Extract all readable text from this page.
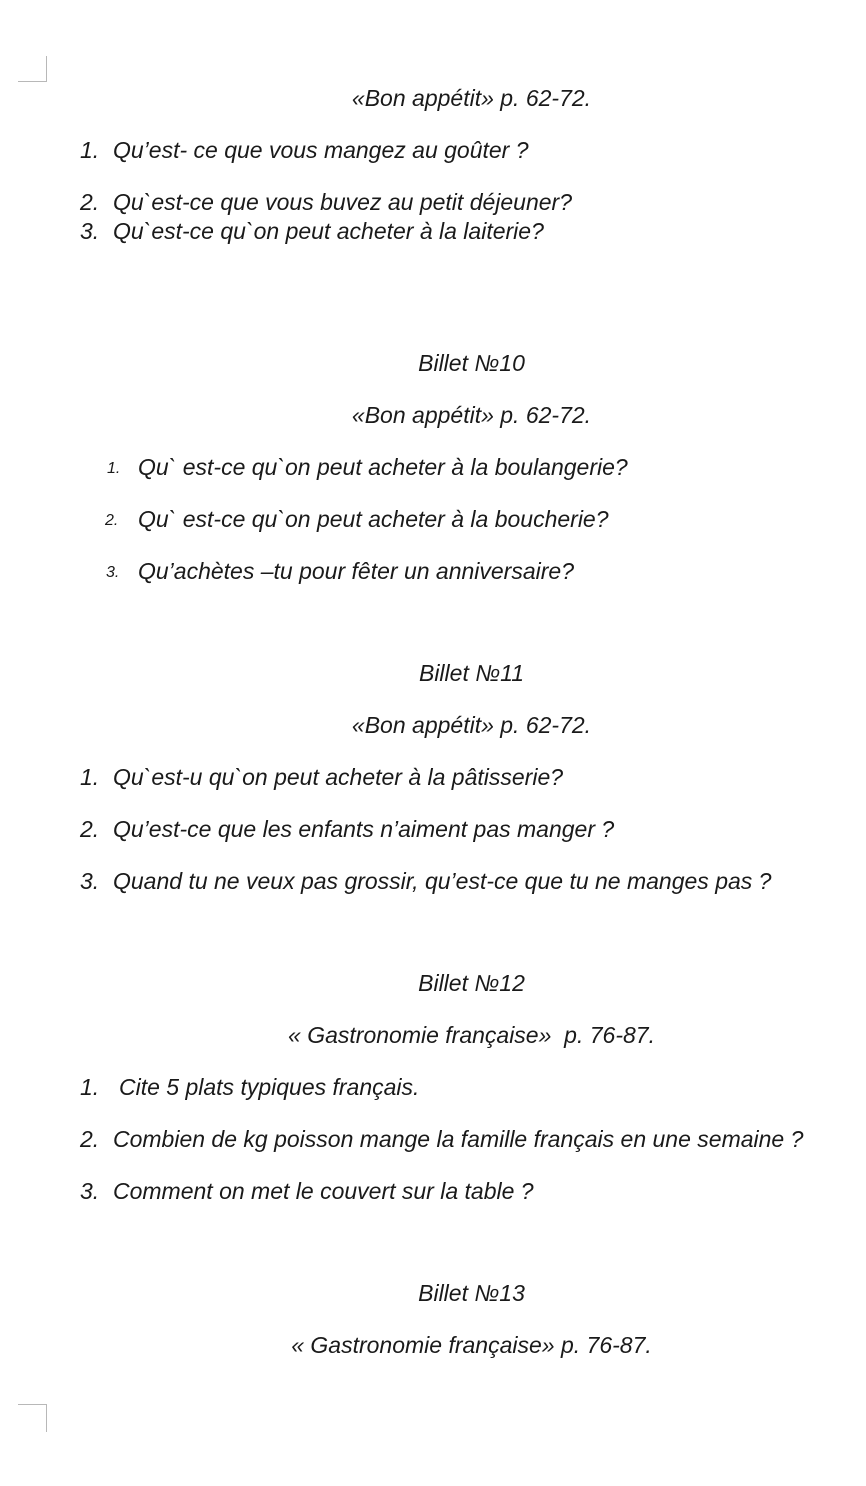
«Bon appétit» p. 62-72.
1. Qu’est- ce que vous mangez au goûter ?
2. Qu`est-ce que vous buvez au petit déjeuner?
3. Qu`est-ce qu`on peut acheter à la laiterie?
Billet №10
«Bon appétit» p. 62-72.
1. Qu` est-ce qu`on peut acheter à la boulangerie?
2. Qu` est-ce qu`on peut acheter à la boucherie?
3. Qu’achètes –tu pour fêter un anniversaire?
Billet №11
«Bon appétit» p. 62-72.
1. Qu`est-u qu`on peut acheter à la pâtisserie?
2. Qu’est-ce que les enfants n’aiment pas manger ?
3. Quand tu ne veux pas grossir, qu’est-ce que tu ne manges pas ?
Billet №12
« Gastronomie française»  p. 76-87.
1. Cite 5 plats typiques français.
2. Combien de kg poisson mange la famille français en une semaine ?
3. Comment on met le couvert sur la table ?
Billet №13
« Gastronomie française» p. 76-87.
